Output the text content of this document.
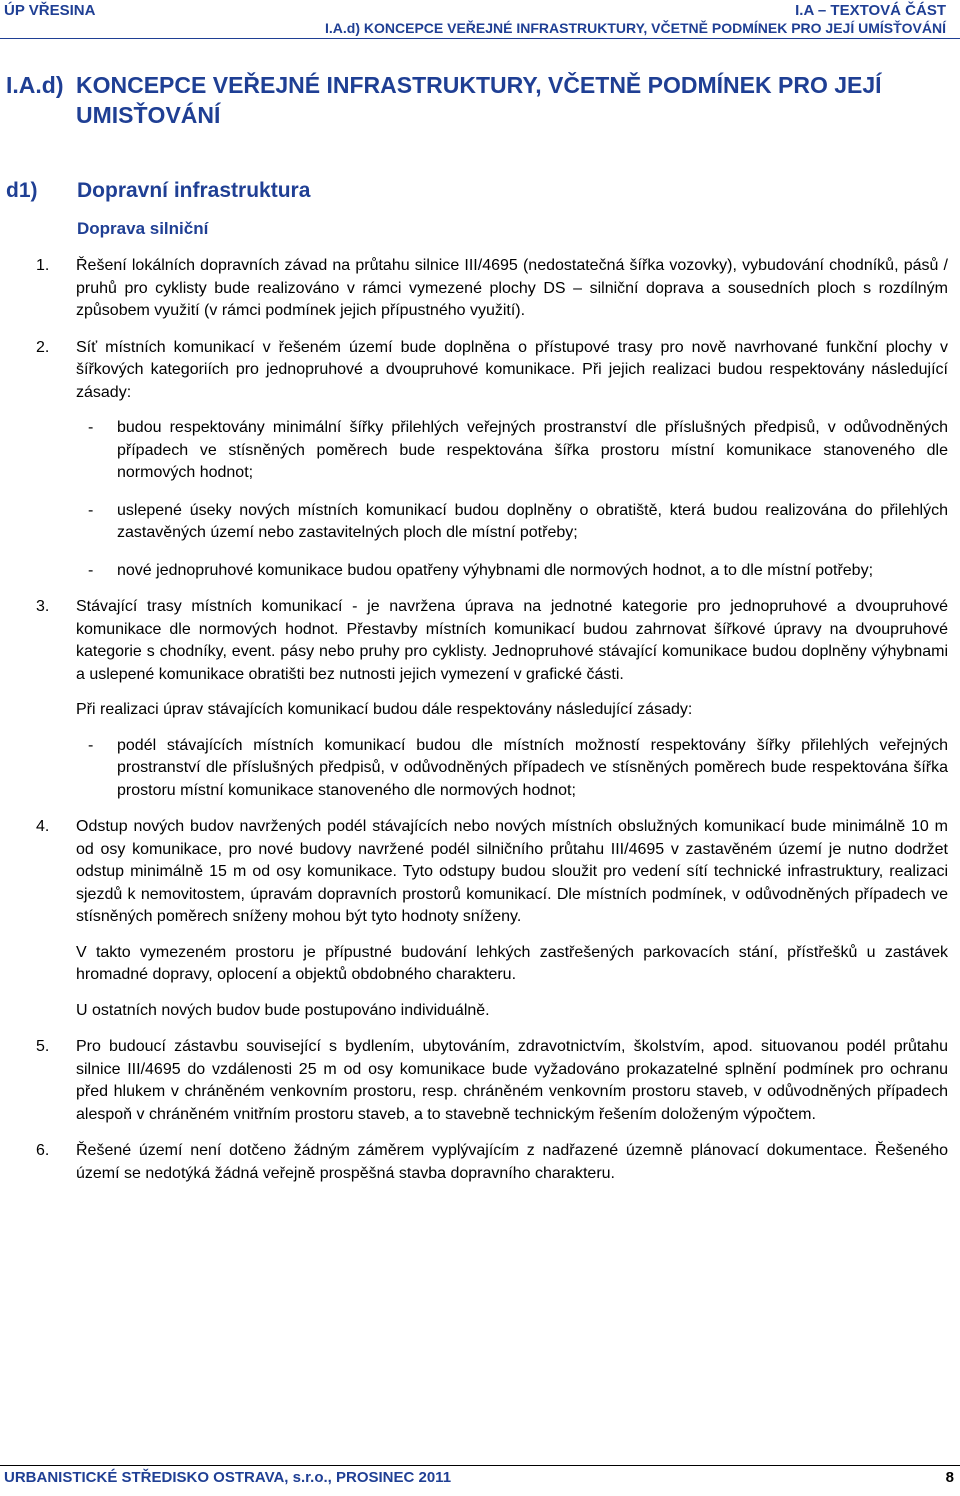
ÚP VŘESINA	I.A – TEXTOVÁ ČÁST
I.A.d) KONCEPCE VEŘEJNÉ INFRASTRUKTURY, VČETNĚ PODMÍNEK PRO JEJÍ UMÍSŤOVÁNÍ
I.A.d) KONCEPCE VEŘEJNÉ INFRASTRUKTURY, VČETNĚ PODMÍNEK PRO JEJÍ UMISŤOVÁNÍ
d1) Dopravní infrastruktura
Doprava silniční
1. Řešení lokálních dopravních závad na průtahu silnice III/4695 (nedostatečná šířka vozovky), vybudování chodníků, pásů / pruhů pro cyklisty bude realizováno v rámci vymezené plochy DS – silniční doprava a sousedních ploch s rozdílným způsobem využití (v rámci podmínek jejich přípustného využití).
2. Síť místních komunikací v řešeném území bude doplněna o přístupové trasy pro nově navrhované funkční plochy v šířkových kategoriích pro jednopruhové a dvoupruhové komunikace. Při jejich realizaci budou respektovány následující zásady:
- budou respektovány minimální šířky přilehlých veřejných prostranství dle příslušných předpisů, v odůvodněných případech ve stísněných poměrech bude respektována šířka prostoru místní komunikace stanoveného dle normových hodnot;
- uslepené úseky nových místních komunikací budou doplněny o obratiště, která budou realizována do přilehlých zastavěných území nebo zastavitelných ploch dle místní potřeby;
- nové jednopruhové komunikace budou opatřeny výhybnami dle normových hodnot, a to dle místní potřeby;
3. Stávající trasy místních komunikací - je navržena úprava na jednotné kategorie pro jednopruhové a dvoupruhové komunikace dle normových hodnot. Přestavby místních komunikací budou zahrnovat šířkové úpravy na dvoupruhové kategorie s chodníky, event. pásy nebo pruhy pro cyklisty. Jednopruhové stávající komunikace budou doplněny výhybnami a uslepené komunikace obratišti bez nutnosti jejich vymezení v grafické části.
Při realizaci úprav stávajících komunikací budou dále respektovány následující zásady:
- podél stávajících místních komunikací budou dle místních možností respektovány šířky přilehlých veřejných prostranství dle příslušných předpisů, v odůvodněných případech ve stísněných poměrech bude respektována šířka prostoru místní komunikace stanoveného dle normových hodnot;
4. Odstup nových budov navržených podél stávajících nebo nových místních obslužných komunikací bude minimálně 10 m od osy komunikace, pro nové budovy navržené podél silničního průtahu III/4695 v zastavěném území je nutno dodržet odstup minimálně 15 m od osy komunikace. Tyto odstupy budou sloužit pro vedení sítí technické infrastruktury, realizaci sjezdů k nemovitostem, úpravám dopravních prostorů komunikací. Dle místních podmínek, v odůvodněných případech ve stísněných poměrech sníženy mohou být tyto hodnoty sníženy.
V takto vymezeném prostoru je přípustné budování lehkých zastřešených parkovacích stání, přístřešků u zastávek hromadné dopravy, oplocení a objektů obdobného charakteru.
U ostatních nových budov bude postupováno individuálně.
5. Pro budoucí zástavbu související s bydlením, ubytováním, zdravotnictvím, školstvím, apod. situovanou podél průtahu silnice III/4695 do vzdálenosti 25 m od osy komunikace bude vyžadováno prokazatelné splnění podmínek pro ochranu před hlukem v chráněném venkovním prostoru, resp. chráněném venkovním prostoru staveb, v odůvodněných případech alespoň v chráněném vnitřním prostoru staveb, a to stavebně technickým řešením doloženým výpočtem.
6. Řešené území není dotčeno žádným záměrem vyplývajícím z nadřazené územně plánovací dokumentace. Řešeného území se nedotýká žádná veřejně prospěšná stavba dopravního charakteru.
URBANISTICKÉ STŘEDISKO OSTRAVA, s.r.o., PROSINEC 2011	8
